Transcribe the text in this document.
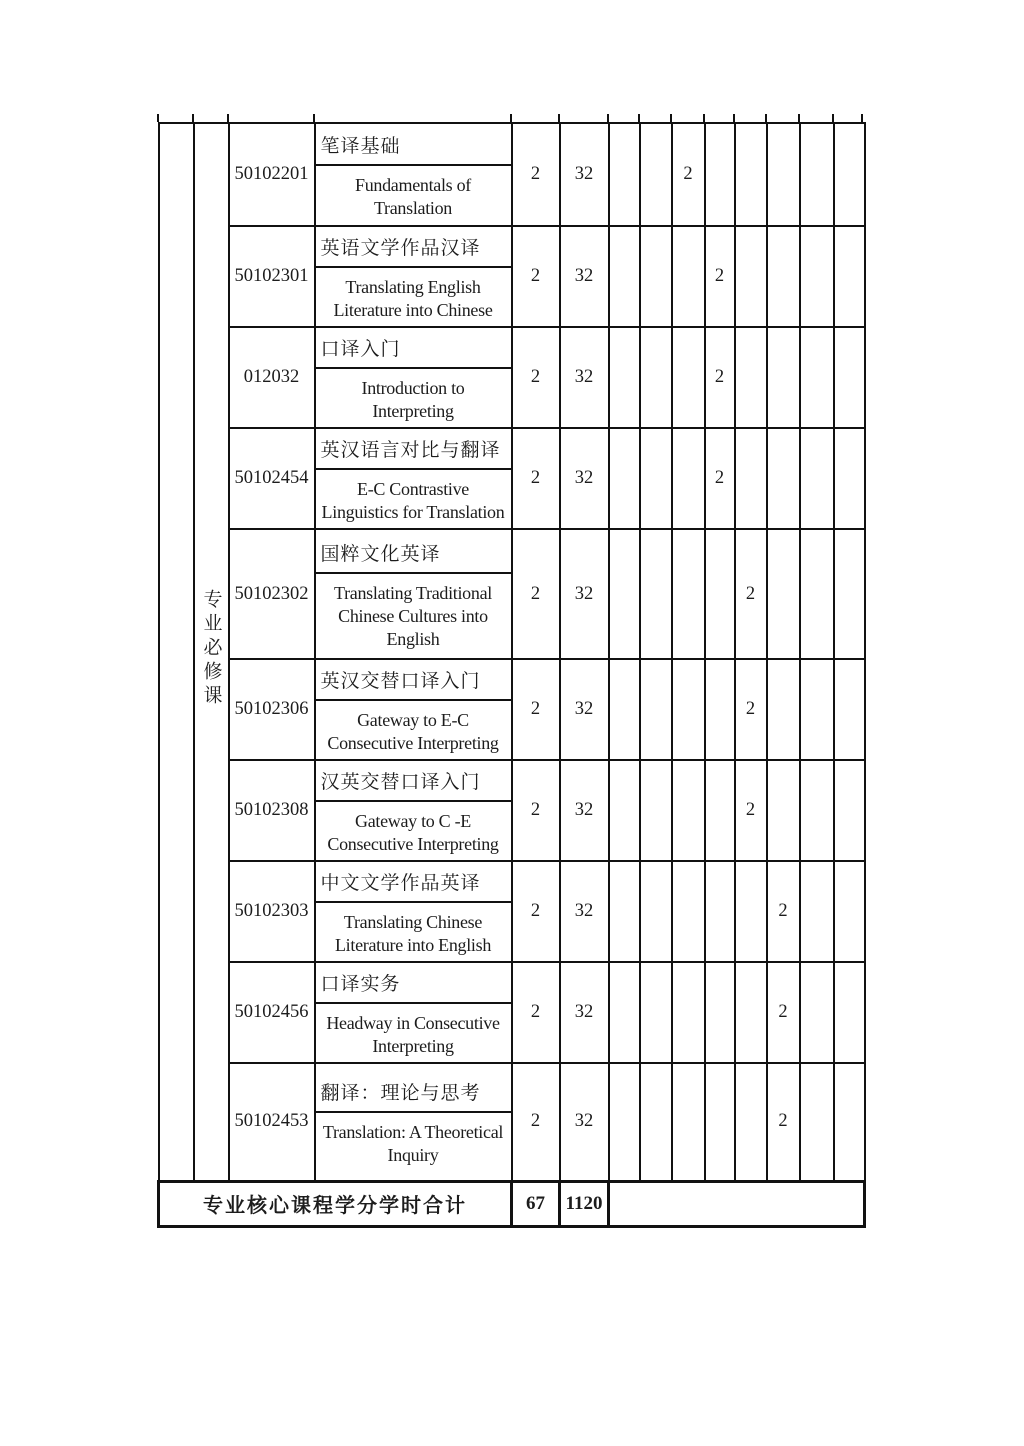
	专业必修课	50102201	笔译基础
Fundamentals of Translation	2	32			2					
		50102301	英语文学作品汉译
Translating English Literature into Chinese	2	32				2				
		012032	口译入门
Introduction to Interpreting	2	32				2				
		50102454	英汉语言对比与翻译
E-C Contrastive Linguistics for Translation	2	32				2				
		50102302	国粹文化英译
Translating Traditional Chinese Cultures into English	2	32					2			
		50102306	英汉交替口译入门
Gateway to E-C Consecutive Interpreting	2	32					2			
		50102308	汉英交替口译入门
Gateway to C -E Consecutive Interpreting	2	32					2			
		50102303	中文文学作品英译
Translating Chinese Literature into English	2	32						2		
		50102456	口译实务
Headway in Consecutive Interpreting	2	32						2		
		50102453	翻译：理论与思考
Translation: A Theoretical Inquiry	2	32						2		
专业核心课程学分学时合计				67	1120								
